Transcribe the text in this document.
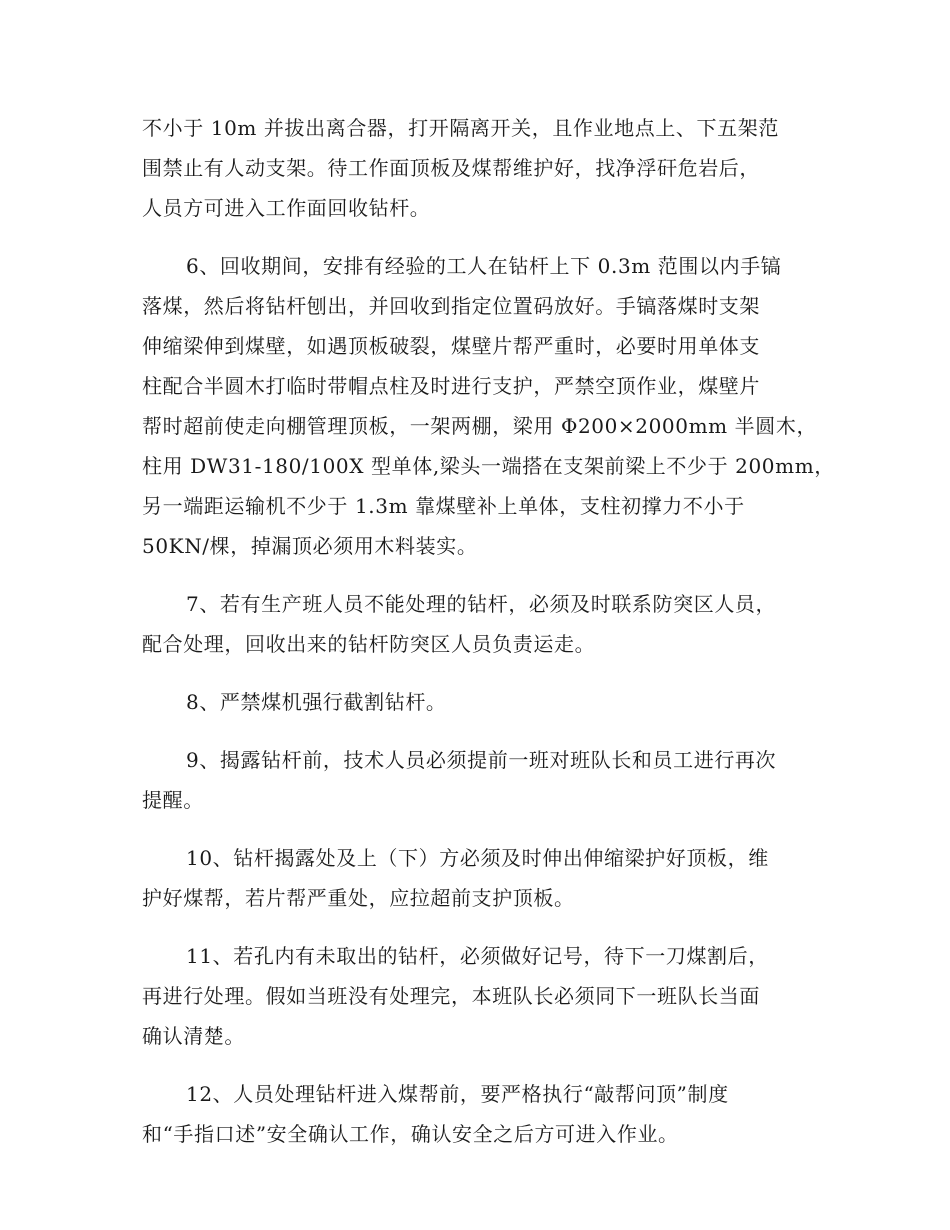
不小于 10m 并拔出离合器，打开隔离开关，且作业地点上、下五架范
围禁止有人动支架。待工作面顶板及煤帮维护好，找净浮矸危岩后，
人员方可进入工作面回收钻杆。
6、回收期间，安排有经验的工人在钻杆上下 0.3m 范围以内手镐
落煤，然后将钻杆刨出，并回收到指定位置码放好。手镐落煤时支架
伸缩梁伸到煤壁，如遇顶板破裂，煤壁片帮严重时，必要时用单体支
柱配合半圆木打临时带帽点柱及时进行支护，严禁空顶作业，煤壁片
帮时超前使走向棚管理顶板，一架两棚，梁用 Φ200×2000mm 半圆木，
柱用 DW31-180/100X 型单体,梁头一端搭在支架前梁上不少于 200mm，
另一端距运输机不少于 1.3m 靠煤壁补上单体，支柱初撑力不小于
50KN/棵，掉漏顶必须用木料装实。
7、若有生产班人员不能处理的钻杆，必须及时联系防突区人员，
配合处理，回收出来的钻杆防突区人员负责运走。
8、严禁煤机强行截割钻杆。
9、揭露钻杆前，技术人员必须提前一班对班队长和员工进行再次
提醒。
10、钻杆揭露处及上（下）方必须及时伸出伸缩梁护好顶板，维
护好煤帮，若片帮严重处，应拉超前支护顶板。
11、若孔内有未取出的钻杆，必须做好记号，待下一刀煤割后，
再进行处理。假如当班没有处理完，本班队长必须同下一班队长当面
确认清楚。
12、人员处理钻杆进入煤帮前，要严格执行“敲帮问顶”制度
和“手指口述”安全确认工作，确认安全之后方可进入作业。
